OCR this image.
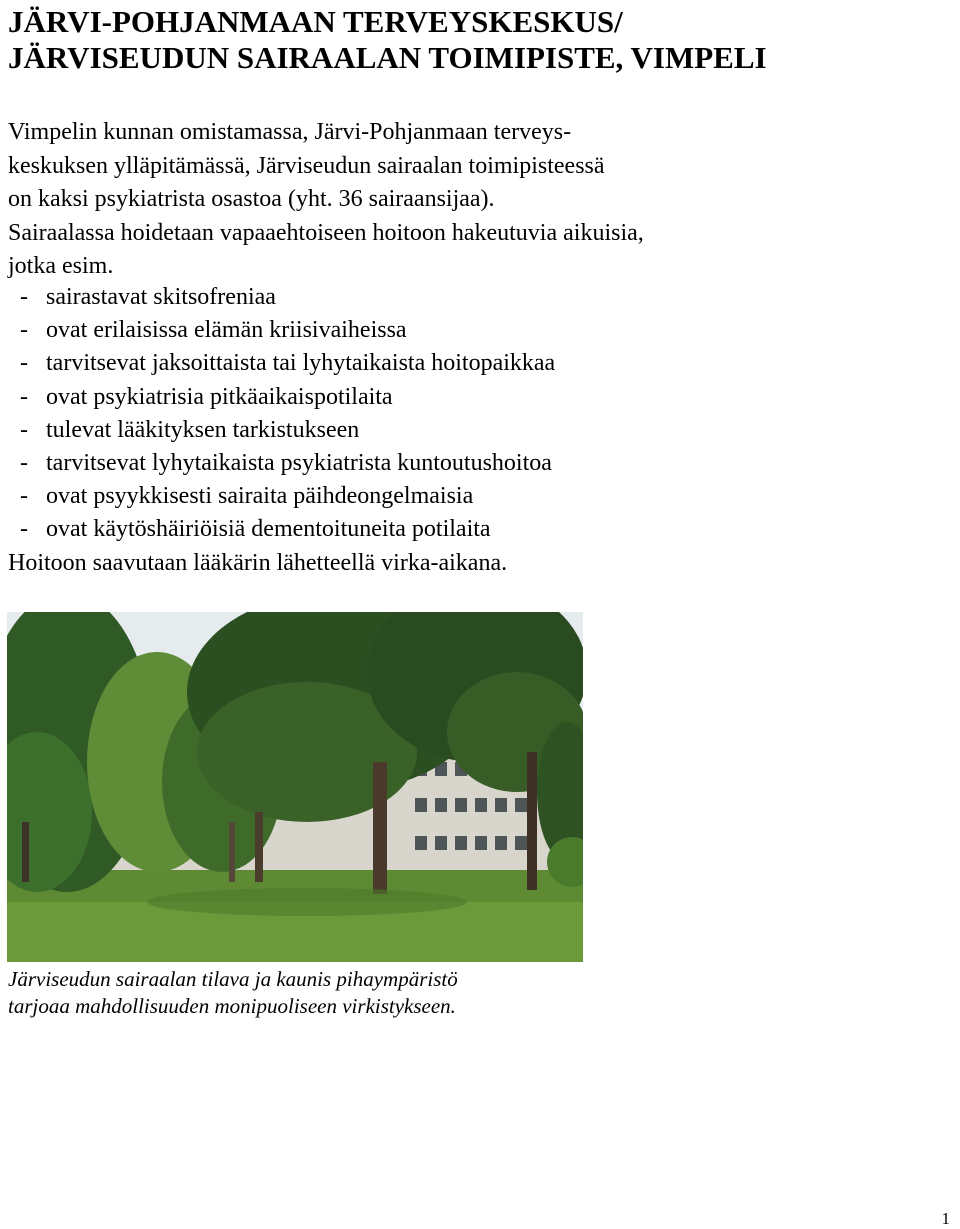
JÄRVI-POHJANMAAN TERVEYSKESKUS/
JÄRVISEUDUN SAIRAALAN TOIMIPISTE, VIMPELI
Vimpelin kunnan omistamassa, Järvi-Pohjanmaan terveys-
keskuksen ylläpitämässä, Järviseudun sairaalan toimipisteessä
on kaksi psykiatrista osastoa (yht. 36 sairaansijaa).
Sairaalassa hoidetaan vapaaehtoiseen hoitoon hakeutuvia aikuisia,
jotka esim.
- sairastavat skitsofreniaa
- ovat erilaisissa elämän kriisivaiheissa
- tarvitsevat jaksoittaista tai lyhytaikaista hoitopaikkaa
- ovat psykiatrisia pitkäaikaispotilaita
- tulevat lääkityksen tarkistukseen
- tarvitsevat lyhytaikaista psykiatrista kuntoutushoitoa
- ovat psyykkisesti sairaita päihdeongelmaisia
- ovat käytöshäiriöisiä dementoituneita potilaita
Hoitoon saavutaan lääkärin lähetteellä virka-aikana.
Järviseudun sairaalan tilava ja kaunis pihaympäristö
tarjoaa mahdollisuuden monipuoliseen virkistykseen.
1
